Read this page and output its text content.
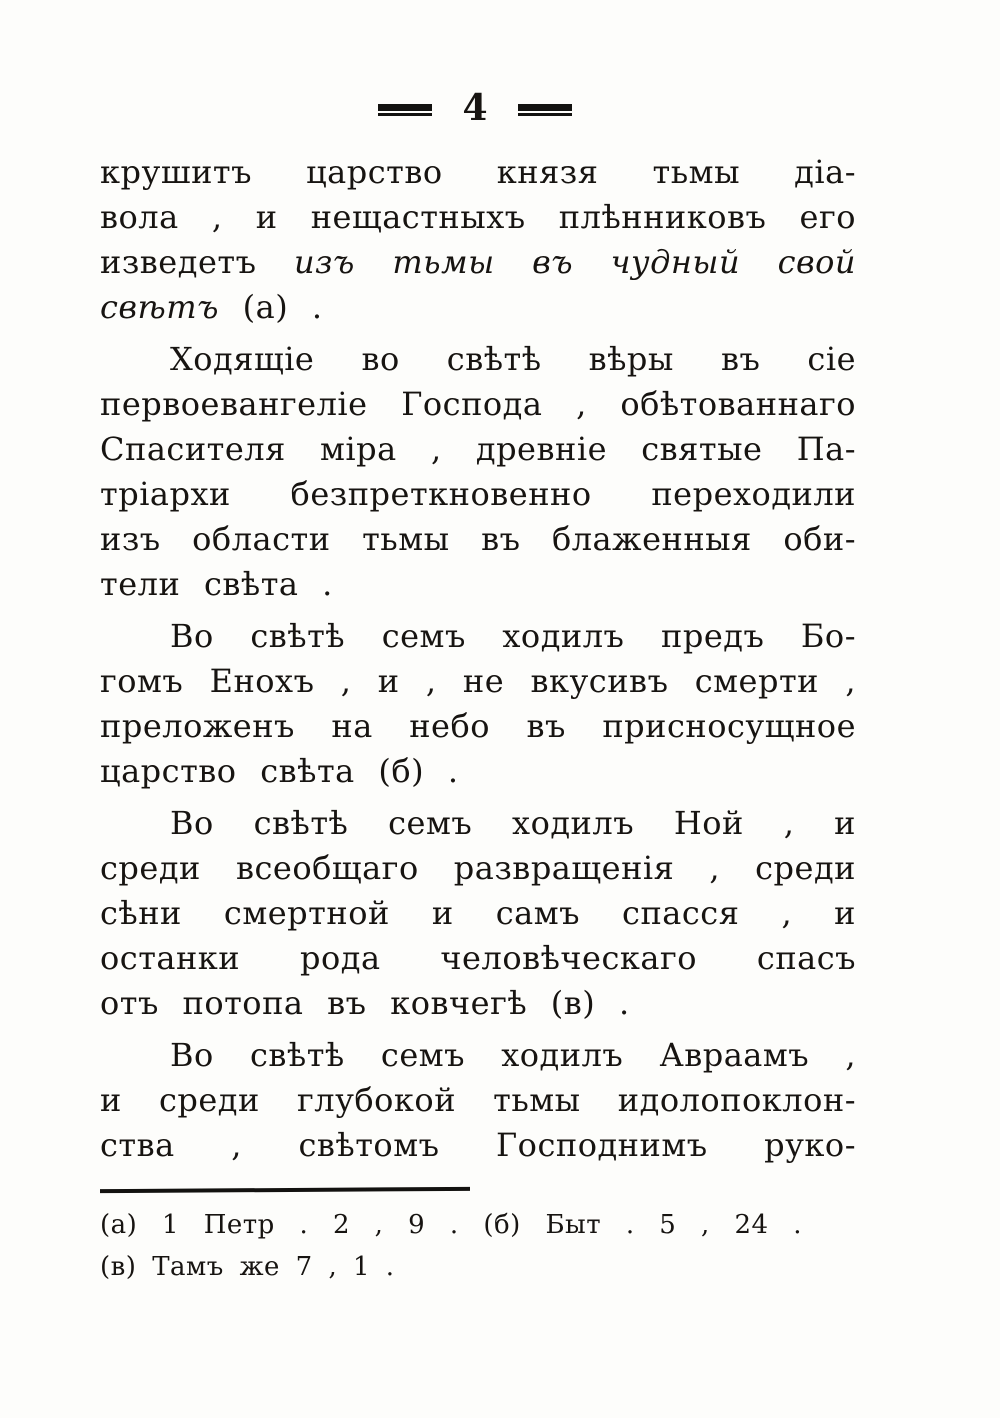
4
крушитъ царство князя тьмы діа-
вола , и нещастныхъ плѣнниковъ его
изведетъ изъ тьмы въ чудный свой
свѣтъ (а) .
Ходящіе во свѣтѣ вѣры въ сіе
первоевангеліе Господа , обѣтованнаго
Спасителя міра , древніе святые Па-
тріархи безпреткновенно переходили
изъ области тьмы въ блаженныя оби-
тели свѣта .
Во свѣтѣ семъ ходилъ предъ Бо-
гомъ Енохъ , и , не вкусивъ смерти ,
преложенъ на небо въ присносущное
царство свѣта (б) .
Во свѣтѣ семъ ходилъ Ной , и
среди всеобщаго развращенія , среди
сѣни смертной и самъ спасся , и
останки рода человѣческаго спасъ
отъ потопа въ ковчегѣ (в) .
Во свѣтѣ семъ ходилъ Авраамъ ,
и среди глубокой тьмы идолопоклон-
ства , свѣтомъ Господнимъ руко-
(а) 1 Петр . 2 , 9 . (б) Быт . 5 , 24 .
(в) Тамъ же 7 , 1 .
